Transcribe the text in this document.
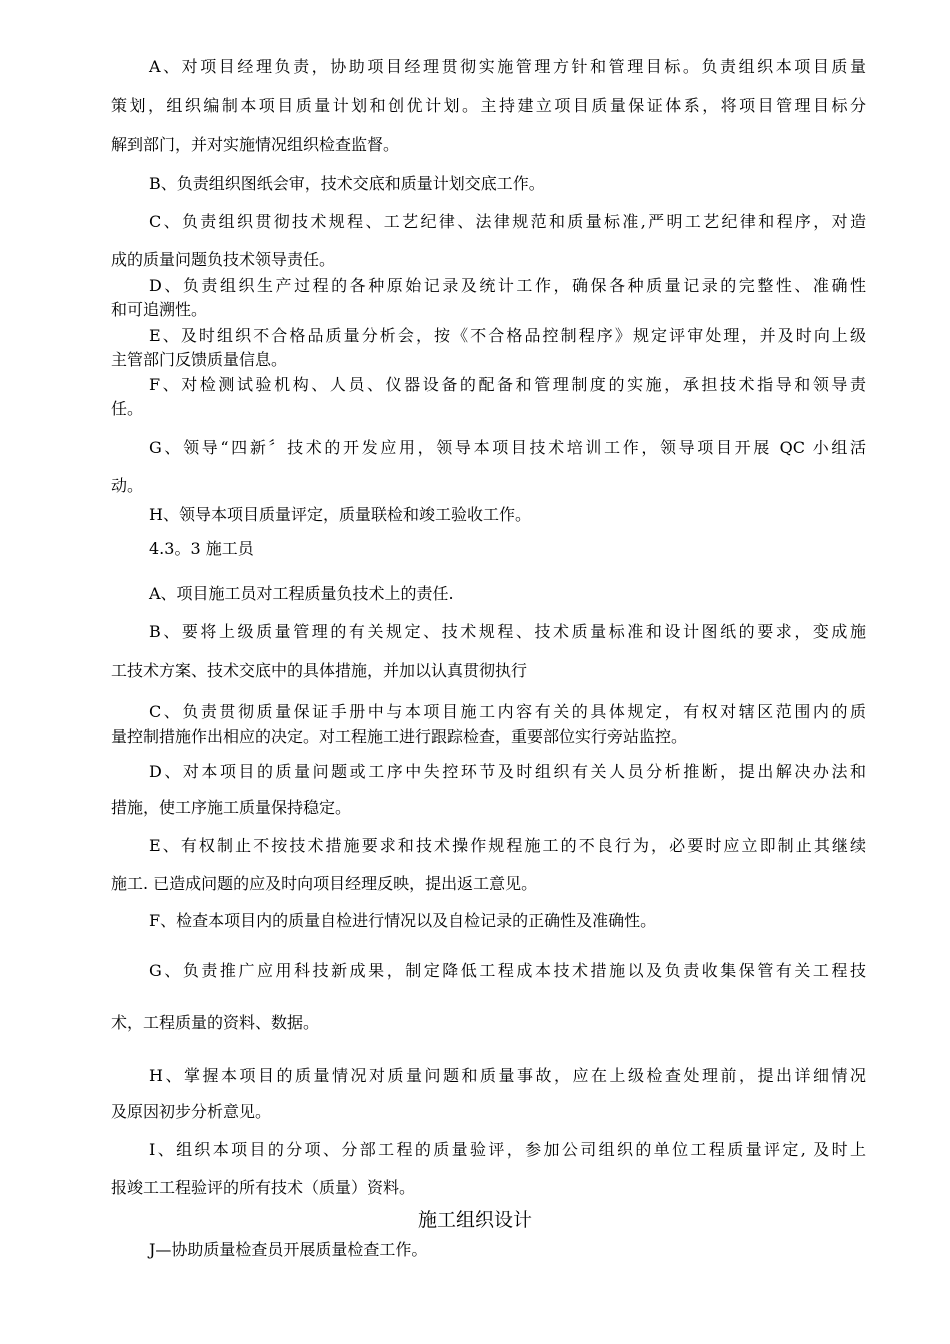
A、对项目经理负责，协助项目经理贯彻实施管理方针和管理目标。负责组织本项目质量
策划，组织编制本项目质量计划和创优计划。主持建立项目质量保证体系，将项目管理目标分
解到部门，并对实施情况组织检查监督。
B、负责组织图纸会审，技术交底和质量计划交底工作。
C、负责组织贯彻技术规程、工艺纪律、法律规范和质量标准,严明工艺纪律和程序，对造
成的质量问题负技术领导责任。
D、负责组织生产过程的各种原始记录及统计工作，确保各种质量记录的完整性、准确性
和可追溯性。
E、及时组织不合格品质量分析会，按《不合格品控制程序》规定评审处理，并及时向上级
主管部门反馈质量信息。
F、对检测试验机构、人员、仪器设备的配备和管理制度的实施，承担技术指导和领导责
任。
G、领导“四新〞技术的开发应用，领导本项目技术培训工作，领导项目开展 QC 小组活
动。
H、领导本项目质量评定，质量联检和竣工验收工作。
4.3。3 施工员
A、项目施工员对工程质量负技术上的责任.
B、要将上级质量管理的有关规定、技术规程、技术质量标准和设计图纸的要求，变成施
工技术方案、技术交底中的具体措施，并加以认真贯彻执行
C、负责贯彻质量保证手册中与本项目施工内容有关的具体规定，有权对辖区范围内的质
量控制措施作出相应的决定。对工程施工进行跟踪检查，重要部位实行旁站监控。
D、对本项目的质量问题或工序中失控环节及时组织有关人员分析推断，提出解决办法和
措施，使工序施工质量保持稳定。
E、有权制止不按技术措施要求和技术操作规程施工的不良行为，必要时应立即制止其继续
施工. 已造成问题的应及时向项目经理反映，提出返工意见。
F、检查本项目内的质量自检进行情况以及自检记录的正确性及准确性。
G、负责推广应用科技新成果，制定降低工程成本技术措施以及负责收集保管有关工程技
术，工程质量的资料、数据。
H、掌握本项目的质量情况对质量问题和质量事故，应在上级检查处理前，提出详细情况
及原因初步分析意见。
I、组织本项目的分项、分部工程的质量验评，参加公司组织的单位工程质量评定, 及时上
报竣工工程验评的所有技术（质量）资料。
施工组织设计
J—协助质量检查员开展质量检查工作。
